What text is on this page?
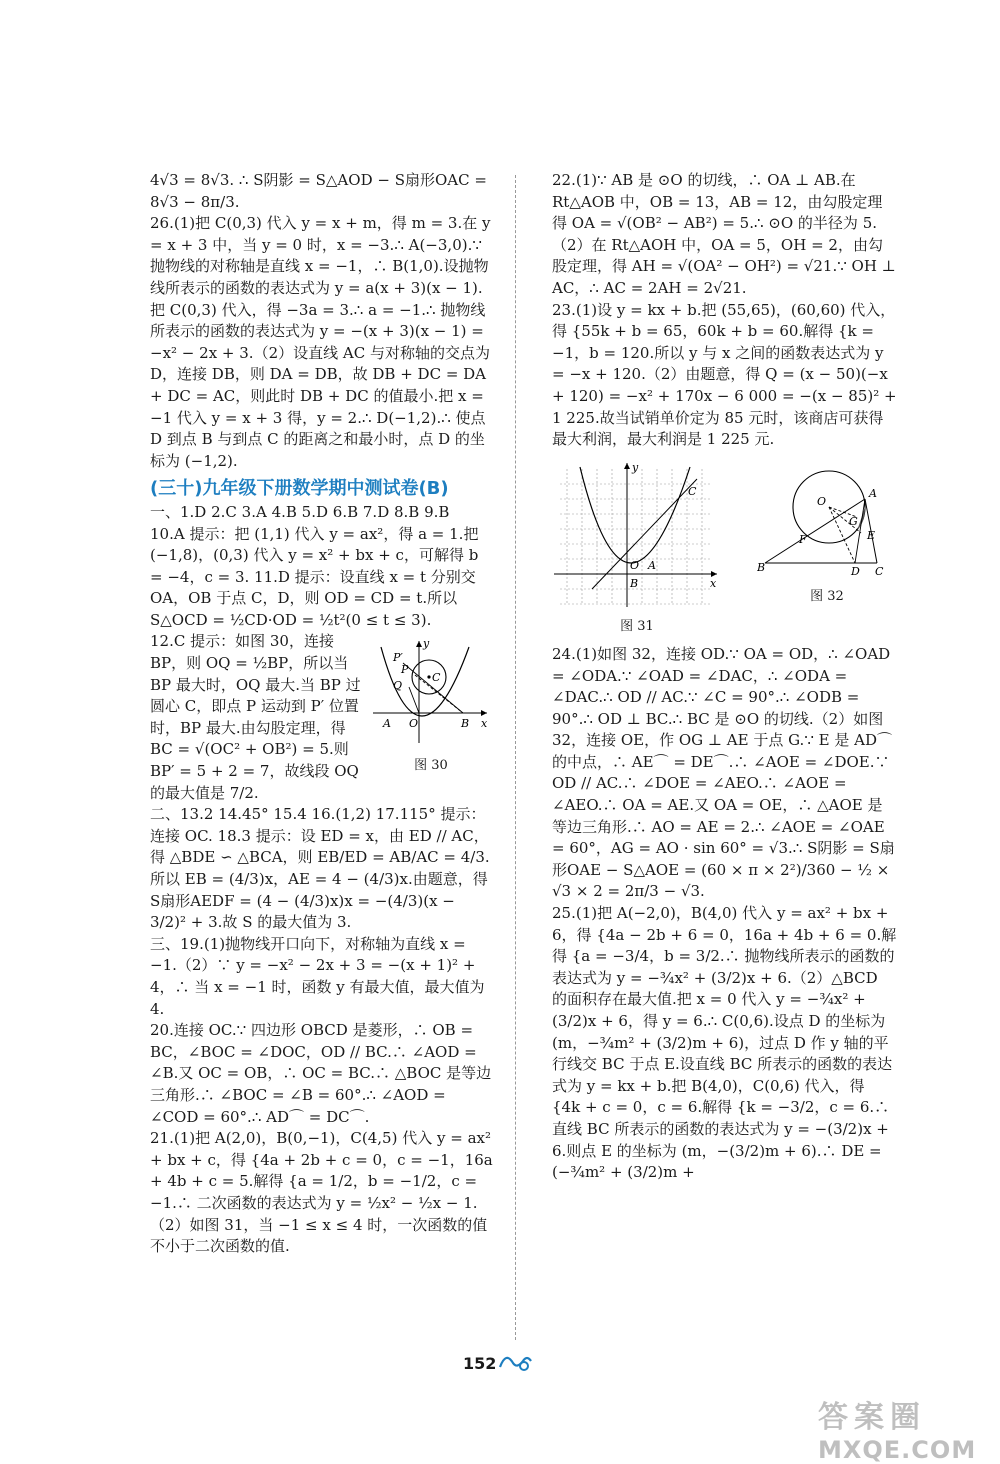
4√3 = 8√3. ∴ S阴影 = S△AOD − S扇形OAC = 8√3 − 8π/3.

26.(1)把 C(0,3) 代入 y = x + m，得 m = 3.在 y = x + 3 中，当 y = 0 时，x = −3.∴ A(−3,0).∵ 抛物线的对称轴是直线 x = −1，∴ B(1,0).设抛物线所表示的函数的表达式为 y = a(x + 3)(x − 1).把 C(0,3) 代入，得 −3a = 3.∴ a = −1.∴ 抛物线所表示的函数的表达式为 y = −(x + 3)(x − 1) = −x² − 2x + 3.（2）设直线 AC 与对称轴的交点为 D，连接 DB，则 DA = DB，故 DB + DC = DA + DC = AC，则此时 DB + DC 的值最小.把 x = −1 代入 y = x + 3 得，y = 2.∴ D(−1,2).∴ 使点 D 到点 B 与到点 C 的距离之和最小时，点 D 的坐标为 (−1,2).

(三十)九年级下册数学期中测试卷(B)

一、1.D 2.C 3.A 4.B 5.D 6.B 7.D 8.B 9.B

10.A 提示：把 (1,1) 代入 y = ax²，得 a = 1.把 (−1,8)，(0,3) 代入 y = x² + bx + c，可解得 b = −4，c = 3. 11.D 提示：设直线 x = t 分别交 OA，OB 于点 C，D，则 OD = CD = t.所以 S△OCD = ½CD·OD = ½t²(0 ≤ t ≤ 3).

y
P′
P
C
Q
A O	B x
图 30

12.C 提示：如图 30，连接 BP，则 OQ = ½BP，所以当 BP 最大时，OQ 最大.当 BP 过圆心 C，即点 P 运动到 P′ 位置时，BP 最大.由勾股定理，得 BC = √(OC² + OB²) = 5.则 BP′ = 5 + 2 = 7，故线段 OQ 的最大值是 7/2.

二、13.2 14.45° 15.4 16.(1,2) 17.115° 提示：连接 OC. 18.3 提示：设 ED = x，由 ED // AC，得 △BDE ∽ △BCA，则 EB/ED = AB/AC = 4/3.所以 EB = (4/3)x，AE = 4 − (4/3)x.由题意，得 S扇形AEDF = (4 − (4/3)x)x = −(4/3)(x − 3/2)² + 3.故 S 的最大值为 3.

三、19.(1)抛物线开口向下，对称轴为直线 x = −1.（2）∵ y = −x² − 2x + 3 = −(x + 1)² + 4，∴ 当 x = −1 时，函数 y 有最大值，最大值为 4.

20.连接 OC.∵ 四边形 OBCD 是菱形，∴ OB = BC，∠BOC = ∠DOC，OD // BC.∴ ∠AOD = ∠B.又 OC = OB，∴ OC = BC.∴ △BOC 是等边三角形.∴ ∠BOC = ∠B = 60°.∴ ∠AOD = ∠COD = 60°.∴ AD⌒ = DC⌒.

21.(1)把 A(2,0)，B(0,−1)，C(4,5) 代入 y = ax² + bx + c，得 {4a + 2b + c = 0，c = −1，16a + 4b + c = 5.解得 {a = 1/2，b = −1/2，c = −1.∴ 二次函数的表达式为 y = ½x² − ½x − 1.（2）如图 31，当 −1 ≤ x ≤ 4 时，一次函数的值不小于二次函数的值.

22.(1)∵ AB 是 ⊙O 的切线，∴ OA ⊥ AB.在 Rt△AOB 中，OB = 13，AB = 12，由勾股定理得 OA = √(OB² − AB²) = 5.∴ ⊙O 的半径为 5.（2）在 Rt△AOH 中，OA = 5，OH = 2，由勾股定理，得 AH = √(OA² − OH²) = √21.∵ OH ⊥ AC，∴ AC = 2AH = 2√21.

23.(1)设 y = kx + b.把 (55,65)，(60,60) 代入，得 {55k + b = 65，60k + b = 60.解得 {k = −1，b = 120.所以 y 与 x 之间的函数表达式为 y = −x + 120.（2）由题意，得 Q = (x − 50)(−x + 120) = −x² + 170x − 6 000 = −(x − 85)² + 1 225.故当试销单价定为 85 元时，该商店可获得最大利润，最大利润是 1 225 元.

y
C
O A
B	x
图 31
A
O
G
E
F
B	D C
图 32

24.(1)如图 32，连接 OD.∵ OA = OD，∴ ∠OAD = ∠ODA.∵ ∠OAD = ∠DAC，∴ ∠ODA = ∠DAC.∴ OD // AC.∵ ∠C = 90°.∴ ∠ODB = 90°.∴ OD ⊥ BC.∴ BC 是 ⊙O 的切线.（2）如图 32，连接 OE，作 OG ⊥ AE 于点 G.∵ E 是 AD⌒ 的中点，∴ AE⌒ = DE⌒.∴ ∠AOE = ∠DOE.∵ OD // AC.∴ ∠DOE = ∠AEO.∴ ∠AOE = ∠AEO.∴ OA = AE.又 OA = OE，∴ △AOE 是等边三角形.∴ AO = AE = 2.∴ ∠AOE = ∠OAE = 60°，AG = AO · sin 60° = √3.∴ S阴影 = S扇形OAE − S△AOE = (60 × π × 2²)/360 − ½ × √3 × 2 = 2π/3 − √3.

25.(1)把 A(−2,0)，B(4,0) 代入 y = ax² + bx + 6，得 {4a − 2b + 6 = 0，16a + 4b + 6 = 0.解得 {a = −3/4，b = 3/2.∴ 抛物线所表示的函数的表达式为 y = −¾x² + (3/2)x + 6.（2）△BCD 的面积存在最大值.把 x = 0 代入 y = −¾x² + (3/2)x + 6，得 y = 6.∴ C(0,6).设点 D 的坐标为 (m，−¾m² + (3/2)m + 6)，过点 D 作 y 轴的平行线交 BC 于点 E.设直线 BC 所表示的函数的表达式为 y = kx + b.把 B(4,0)，C(0,6) 代入，得 {4k + c = 0，c = 6.解得 {k = −3/2，c = 6.∴ 直线 BC 所表示的函数的表达式为 y = −(3/2)x + 6.则点 E 的坐标为 (m，−(3/2)m + 6).∴ DE = (−¾m² + (3/2)m +

152
答案圈
MXQE.COM
